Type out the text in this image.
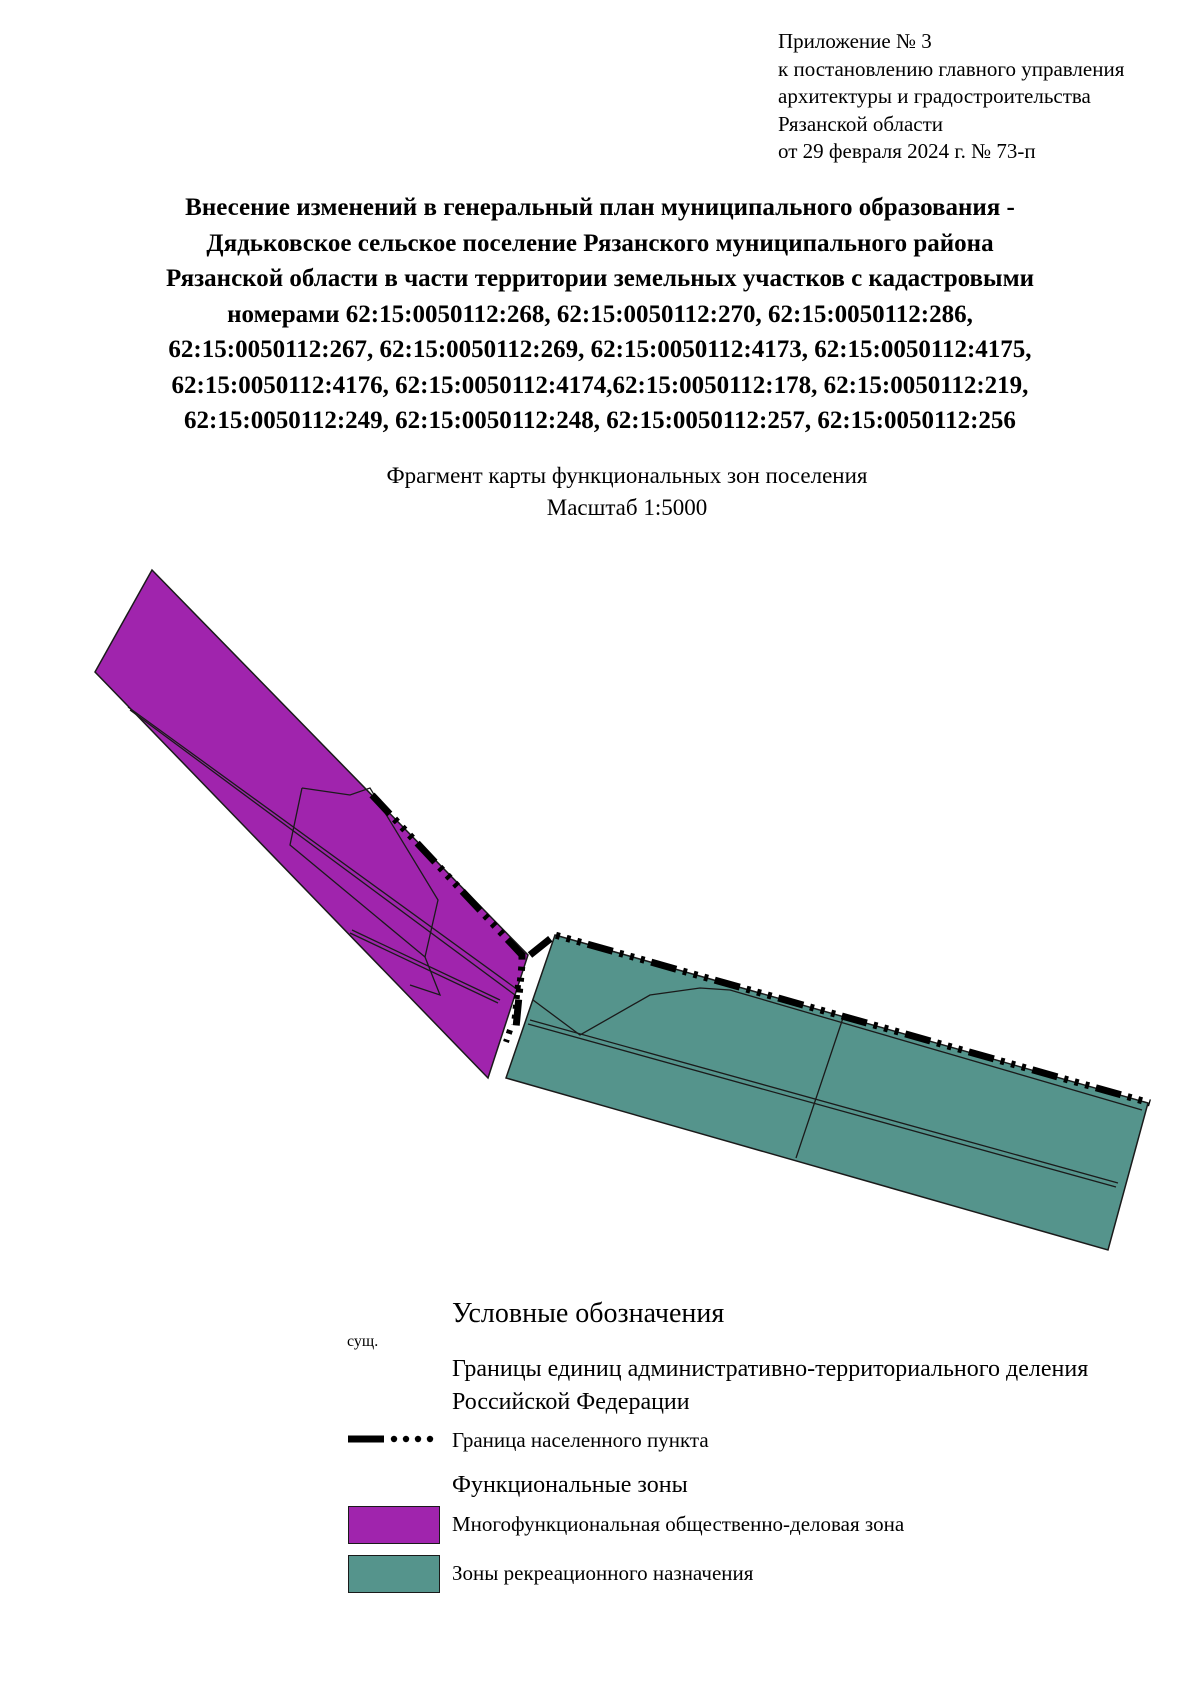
Приложение № 3
к постановлению главного управления
архитектуры и градостроительства
Рязанской области
от 29 февраля 2024 г. № 73-п
Внесение изменений в генеральный план муниципального образования -
Дядьковское сельское поселение Рязанского муниципального района
Рязанской области в части территории земельных участков с кадастровыми
номерами 62:15:0050112:268, 62:15:0050112:270, 62:15:0050112:286,
62:15:0050112:267, 62:15:0050112:269, 62:15:0050112:4173, 62:15:0050112:4175,
62:15:0050112:4176, 62:15:0050112:4174,62:15:0050112:178, 62:15:0050112:219,
62:15:0050112:249, 62:15:0050112:248, 62:15:0050112:257, 62:15:0050112:256
Фрагмент карты функциональных зон поселения
Масштаб 1:5000
Условные обозначения
сущ.
Границы единиц административно-территориального деления Российской Федерации
Граница населенного пункта
Функциональные зоны
Многофункциональная общественно-деловая зона
Зоны рекреационного назначения
